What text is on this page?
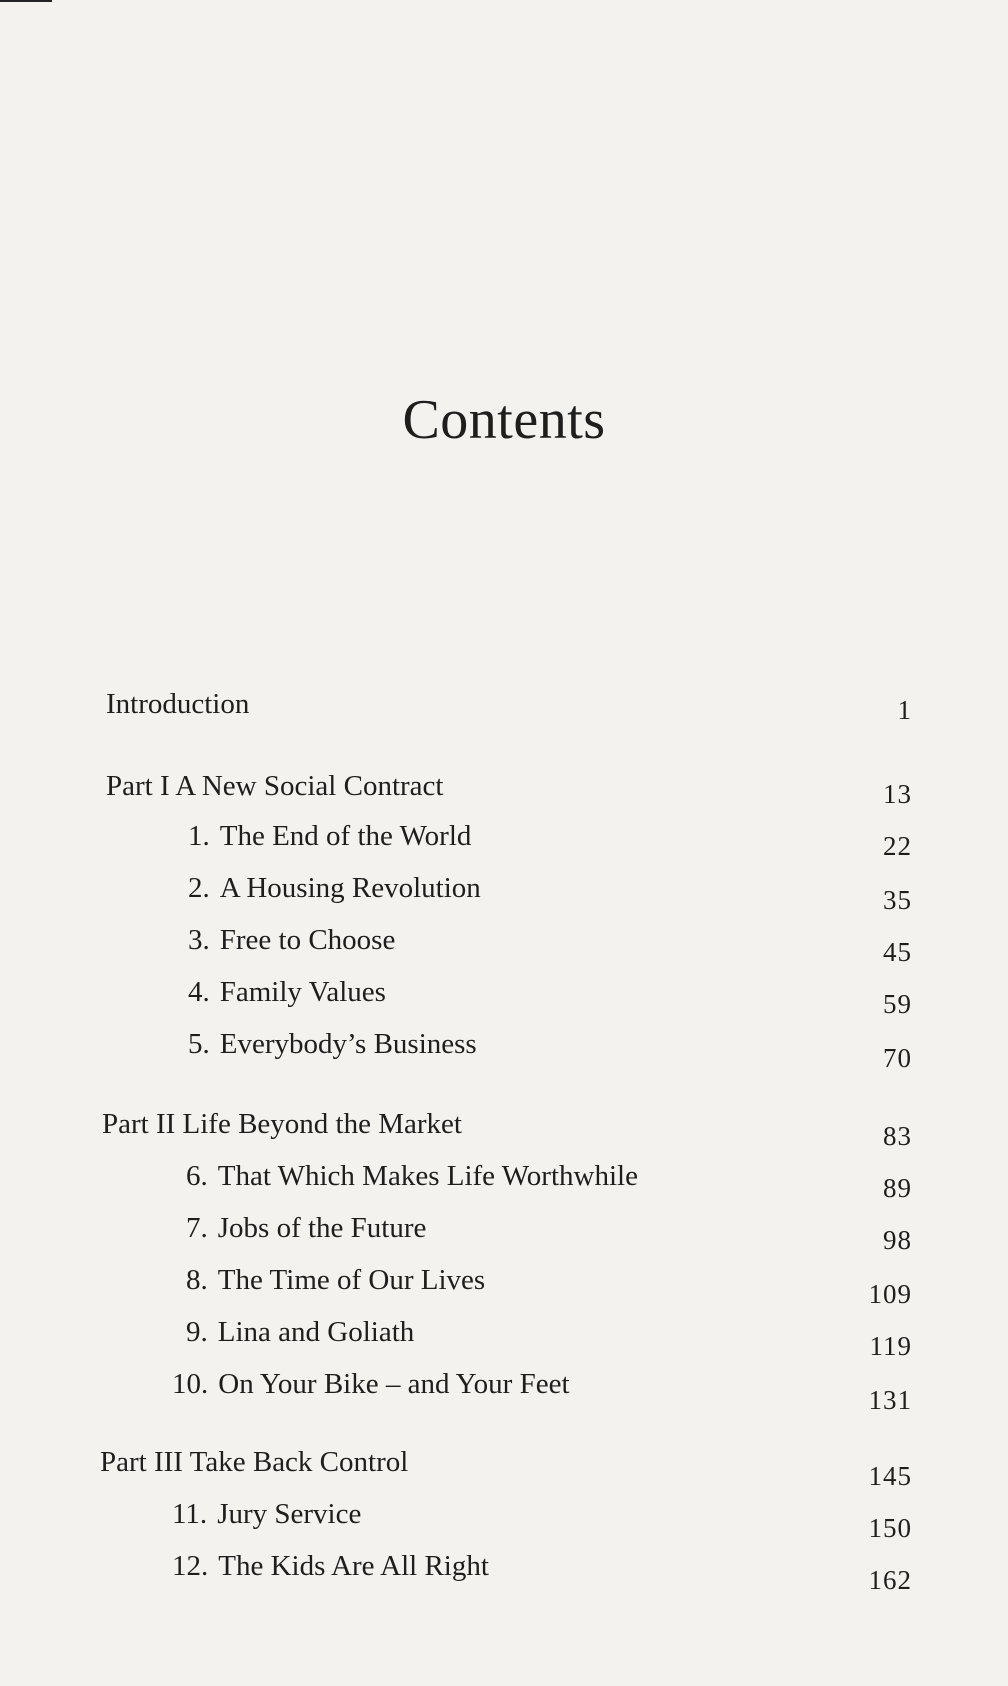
Contents
Introduction	1
Part I A New Social Contract	13
1. The End of the World	22
2. A Housing Revolution	35
3. Free to Choose	45
4. Family Values	59
5. Everybody’s Business	70
Part II Life Beyond the Market	83
6. That Which Makes Life Worthwhile	89
7. Jobs of the Future	98
8. The Time of Our Lives	109
9. Lina and Goliath	119
10. On Your Bike – and Your Feet	131
Part III Take Back Control	145
11. Jury Service	150
12. The Kids Are All Right	162
